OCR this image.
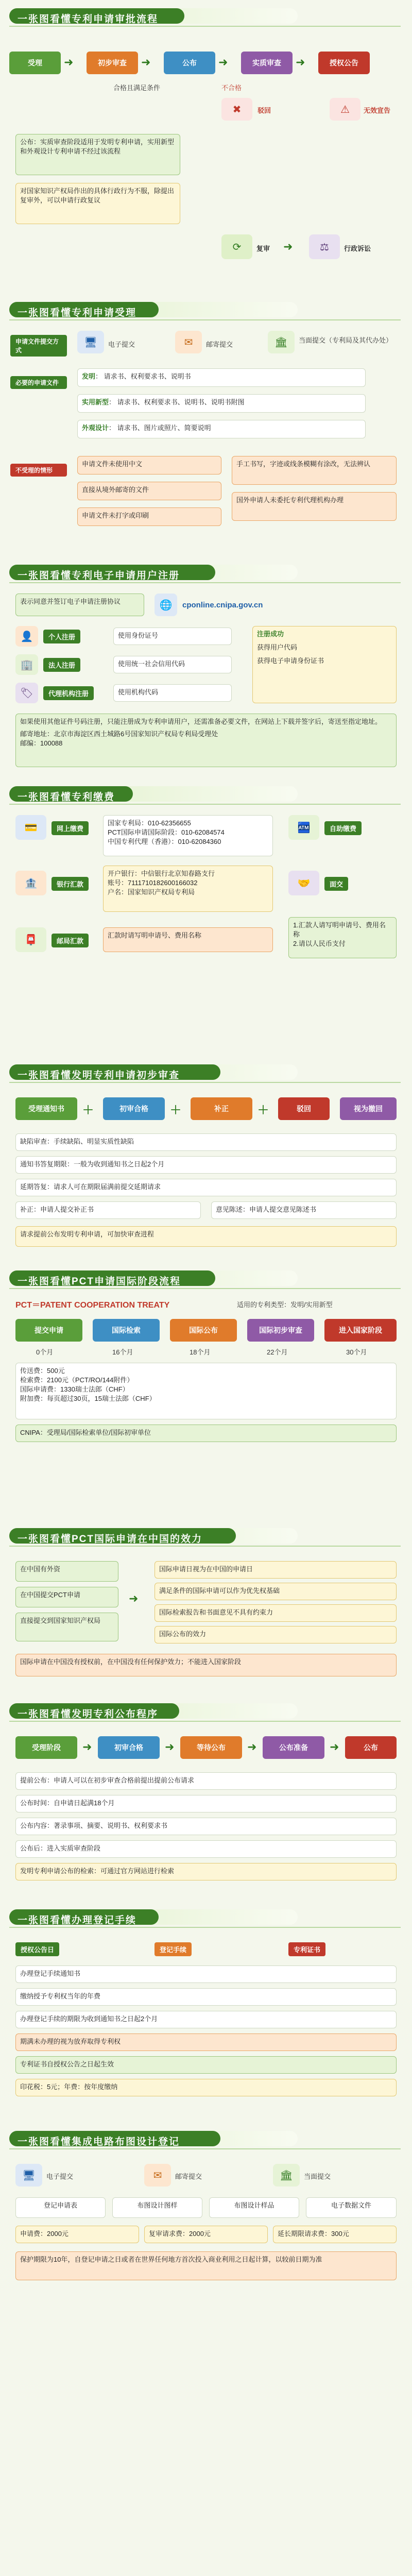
一张图看懂专利申请审批流程
受理	➜	初步审查	➜	公布	➜	实质审查	➜	授权公告
合格且满足条件	不合格
✖	驳回	⚠	无效宣告
公布：实质审查阶段适用于发明专利申请，实用新型和外观设计专利申请不经过该流程
对国家知识产权局作出的具体行政行为不服，除提出复审外，可以申请行政复议
⟳	复审 ➜	⚖	行政诉讼
一张图看懂专利申请受理
申请文件提交方式
🖥	电子提交	✉	邮寄提交	🏛	当面提交（专利局及其代办处）
必要的申请文件
发明： 请求书、权利要求书、说明书
实用新型： 请求书、权利要求书、说明书、说明书附图
外观设计： 请求书、图片或照片、简要说明
不受理的情形
申请文件未使用中文
直接从境外邮寄的文件
申请文件未打字或印刷
手工书写，字迹或线条模糊有涂改，无法辨认
国外申请人未委托专利代理机构办理
一张图看懂专利电子申请用户注册
表示同意并签订电子申请注册协议	🌐	cponline.cnipa.gov.cn
👤	个人注册	使用身份证号
🏢	法人注册	使用统一社会信用代码
🏷	代理机构注册	使用机构代码
注册成功
获得用户代码
获得电子申请身份证书
如果使用其他证件号码注册，只能注册成为专利申请用户，还需准备必要文件，在网站上下载并签字后，寄送至指定地址。
邮寄地址：北京市海淀区西土城路6号国家知识产权局专利局受理处
邮编：100088
一张图看懂专利缴费
💳	网上缴费
国家专利局：010-62356655
PCT国际申请国际阶段：010-62084574
中国专利代理（香港）：010-62084360
🏧	自助缴费
🏦	银行汇款
开户银行：中信银行北京知春路支行
账号：7111710182600166032
户名：国家知识产权局专利局
🤝	面交
📮	邮局汇款
汇款时请写明申请号、费用名称
1.汇款人请写明申请号、费用名称
2.请以人民币支付
一张图看懂发明专利申请初步审查
受理通知书	＋	初审合格	＋	补正	＋	驳回	视为撤回
缺陷审查：手续缺陷、明显实质性缺陷
通知书答复期限：一般为收到通知书之日起2个月
延期答复：请求人可在期限届满前提交延期请求
补正：申请人提交补正书	意见陈述：申请人提交意见陈述书
请求提前公布发明专利申请，可加快审查进程
一张图看懂PCT申请国际阶段流程
PCT＝PATENT COOPERATION TREATY	适用的专利类型：发明/实用新型
提交申请	国际检索	国际公布	国际初步审查	进入国家阶段
0个月	16个月	18个月	22个月	30个月
传送费：500元
检索费：2100元（PCT/RO/144附件）
国际申请费：1330瑞士法郎（CHF）
附加费：每页超过30页，15瑞士法郎（CHF）
CNIPA：受理局/国际检索单位/国际初审单位
一张图看懂PCT国际申请在中国的效力
在中国有外资
在中国提交PCT申请
直接提交到国家知识产权局
➜
国际申请日视为在中国的申请日
满足条件的国际申请可以作为优先权基础
国际检索报告和书面意见不具有约束力
国际公布的效力
国际申请在中国没有授权前，在中国没有任何保护效力；不能进入国家阶段
一张图看懂发明专利公布程序
受理阶段	➜	初审合格	➜	等待公布	➜	公布准备	➜	公布
提前公布：申请人可以在初步审查合格前提出提前公布请求
公布时间：自申请日起满18个月
公布内容：著录事项、摘要、说明书、权利要求书
公布后：进入实质审查阶段
发明专利申请公布的检索：可通过官方网站进行检索
一张图看懂办理登记手续
授权公告日	登记手续	专利证书
办理登记手续通知书
缴纳授予专利权当年的年费
办理登记手续的期限为收到通知书之日起2个月
期满未办理的视为放弃取得专利权
专利证书自授权公告之日起生效
印花税：5元；年费：按年度缴纳
一张图看懂集成电路布图设计登记
🖥	电子提交	✉	邮寄提交	🏛	当面提交
登记申请表	布图设计图样	布图设计样品	电子数据文件
申请费：2000元	复审请求费：2000元	延长期限请求费：300元
保护期限为10年，自登记申请之日或者在世界任何地方首次投入商业利用之日起计算，以较前日期为准
